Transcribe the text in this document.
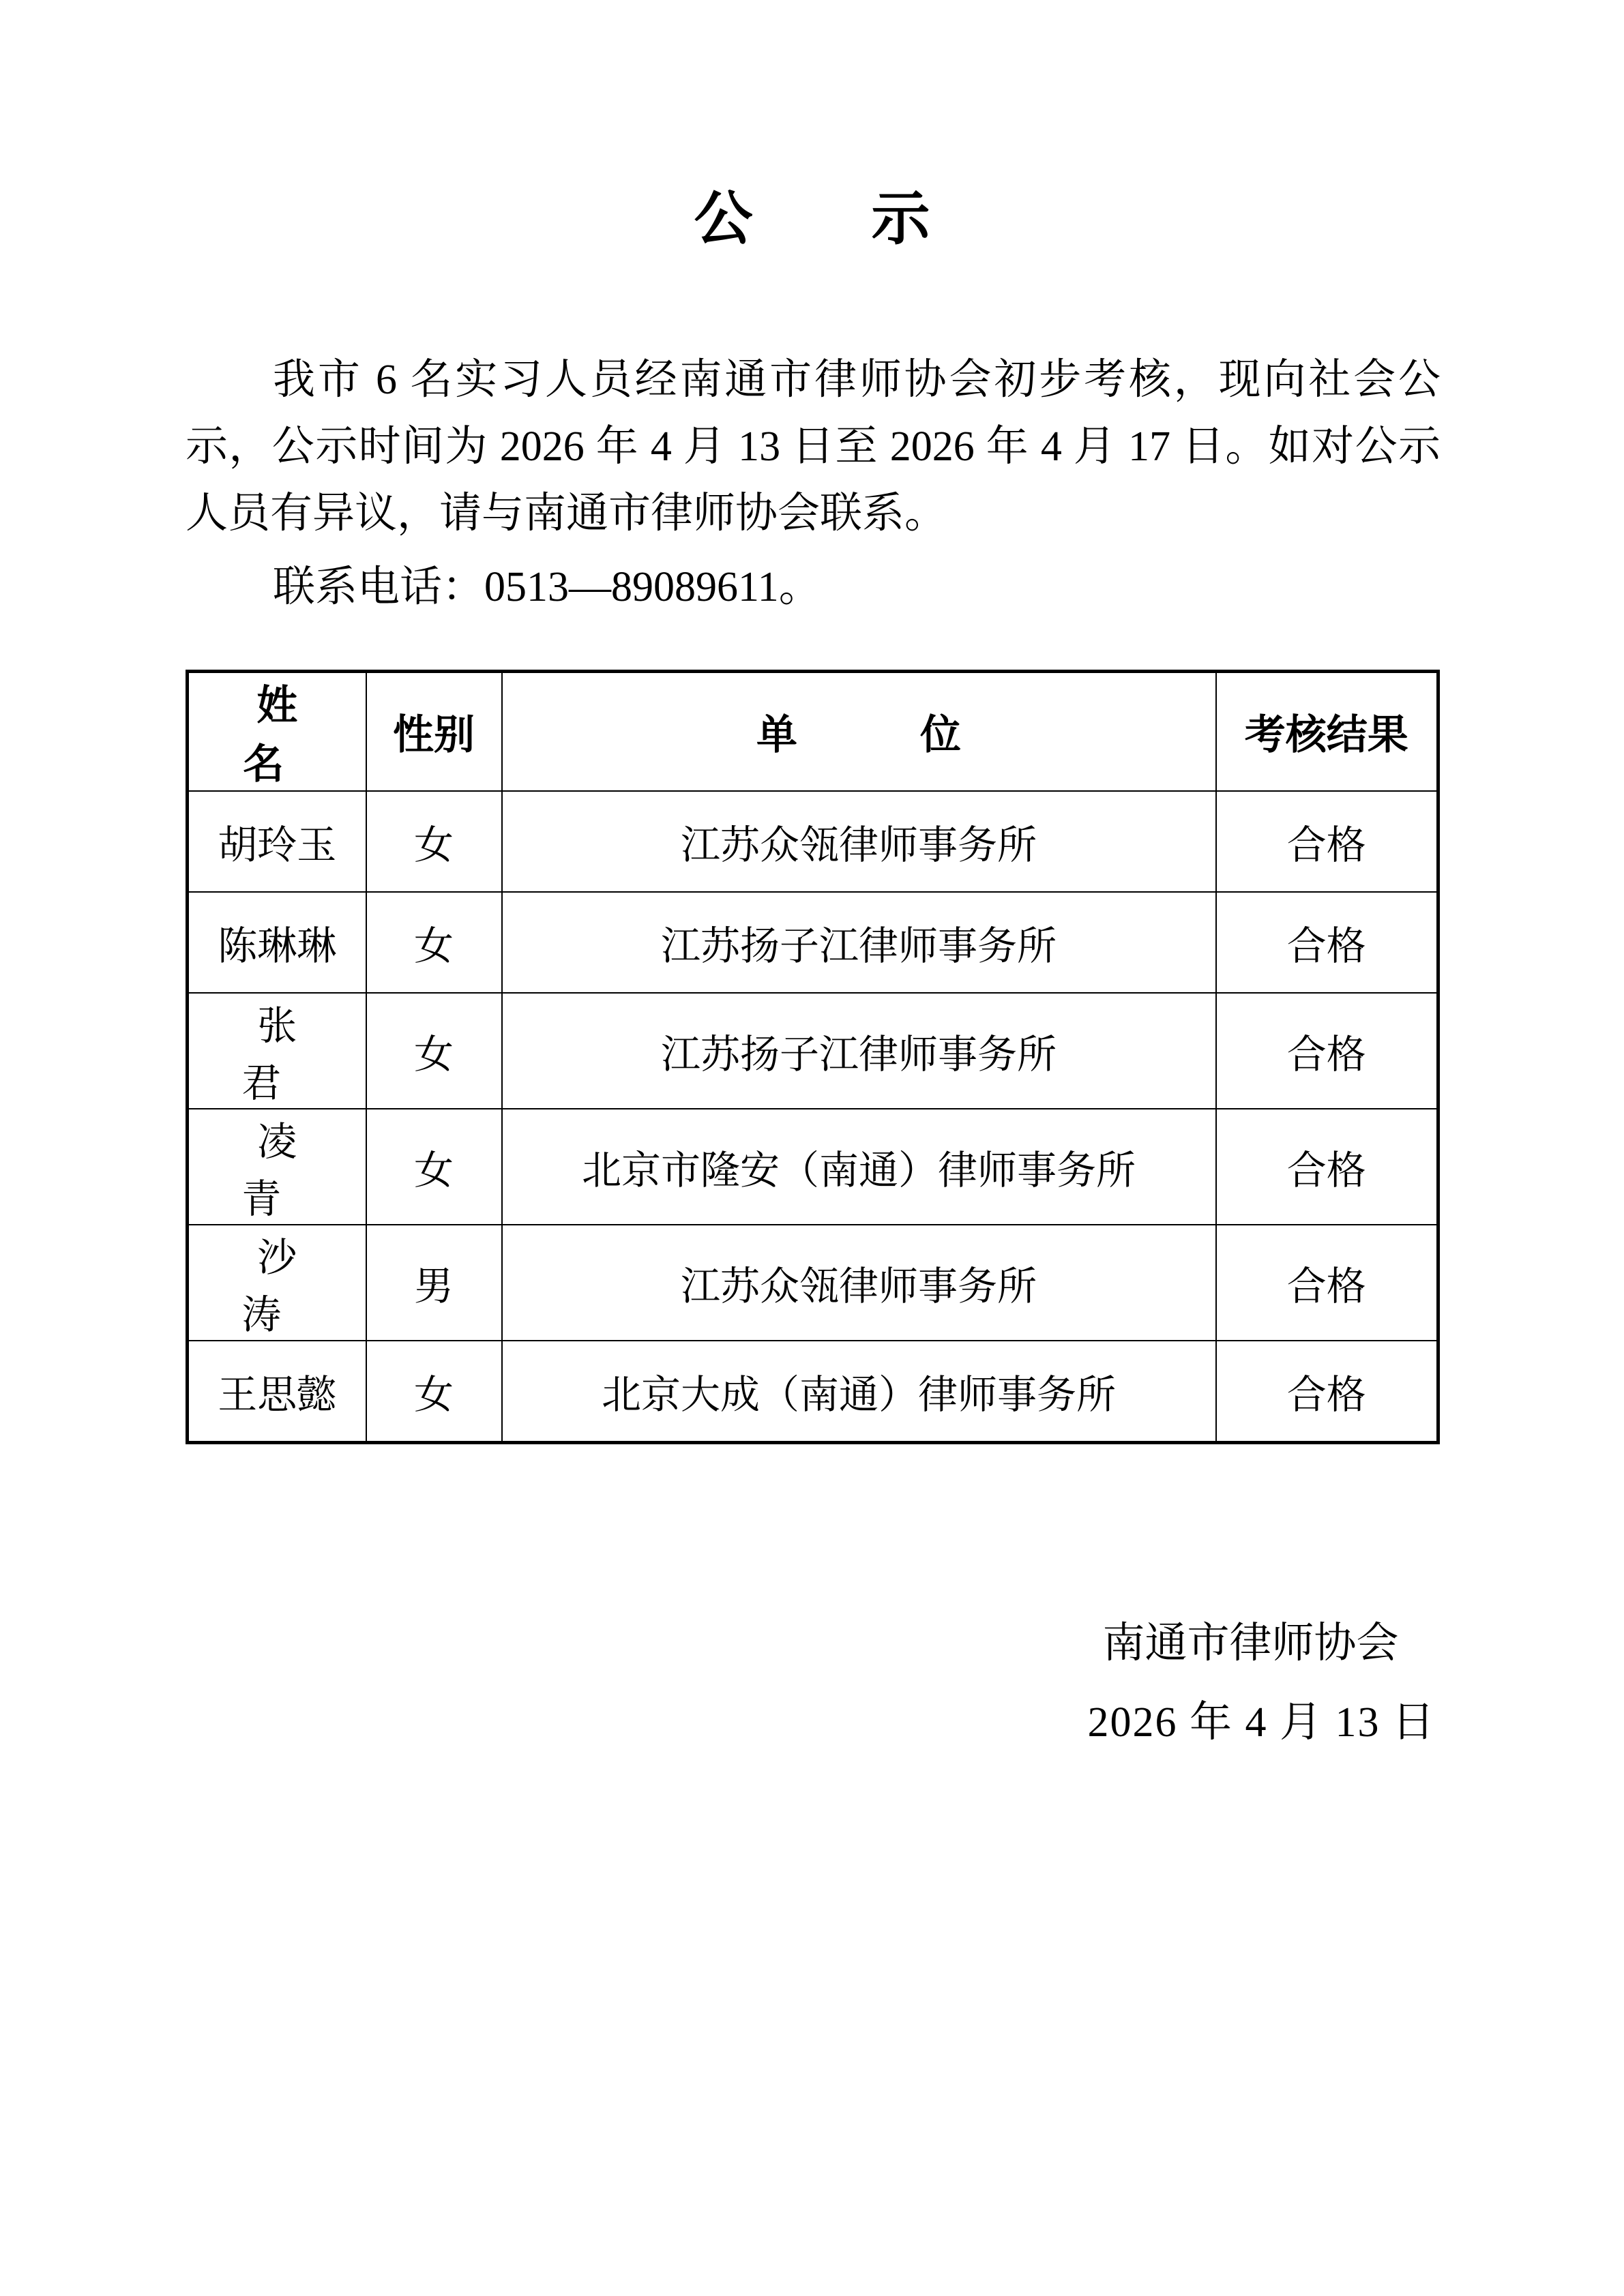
公　示

我市 6 名实习人员经南通市律师协会初步考核，现向社会公示，公示时间为 2026 年 4 月 13 日至 2026 年 4 月 17 日。如对公示人员有异议，请与南通市律师协会联系。

联系电话：0513—89089611。

姓　名	性别	单　位	考核结果
胡玲玉	女	江苏众瓴律师事务所	合格
陈琳琳	女	江苏扬子江律师事务所	合格
张　君	女	江苏扬子江律师事务所	合格
凌　青	女	北京市隆安（南通）律师事务所	合格
沙　涛	男	江苏众瓴律师事务所	合格
王思懿	女	北京大成（南通）律师事务所	合格
南通市律师协会
2026 年 4 月 13 日
